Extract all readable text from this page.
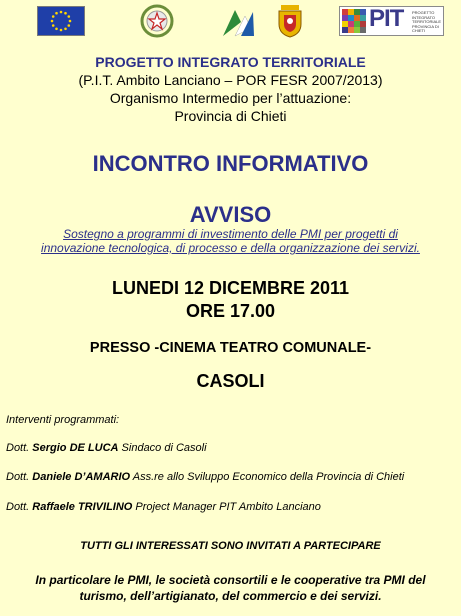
PIT PROGETTO INTEGRATO TERRITORIALE PROVINCIA DI CHIETI
PROGETTO INTEGRATO TERRITORIALE
(P.I.T. Ambito Lanciano – POR FESR 2007/2013)
Organismo Intermedio per l’attuazione:
Provincia di Chieti
INCONTRO INFORMATIVO
AVVISO
Sostegno a programmi di investimento delle PMI per progetti di
innovazione tecnologica, di processo e della organizzazione dei servizi.
LUNEDI 12 DICEMBRE 2011
ORE 17.00
PRESSO -CINEMA TEATRO COMUNALE-
CASOLI
Interventi programmati:
Dott. Sergio DE LUCA Sindaco di Casoli
Dott. Daniele D’AMARIO Ass.re allo Sviluppo Economico della Provincia di Chieti
Dott. Raffaele TRIVILINO Project Manager PIT Ambito Lanciano
TUTTI GLI INTERESSATI SONO INVITATI A PARTECIPARE
In particolare le PMI, le società consortili e le cooperative tra PMI del
turismo, dell’artigianato, del commercio e dei servizi.
